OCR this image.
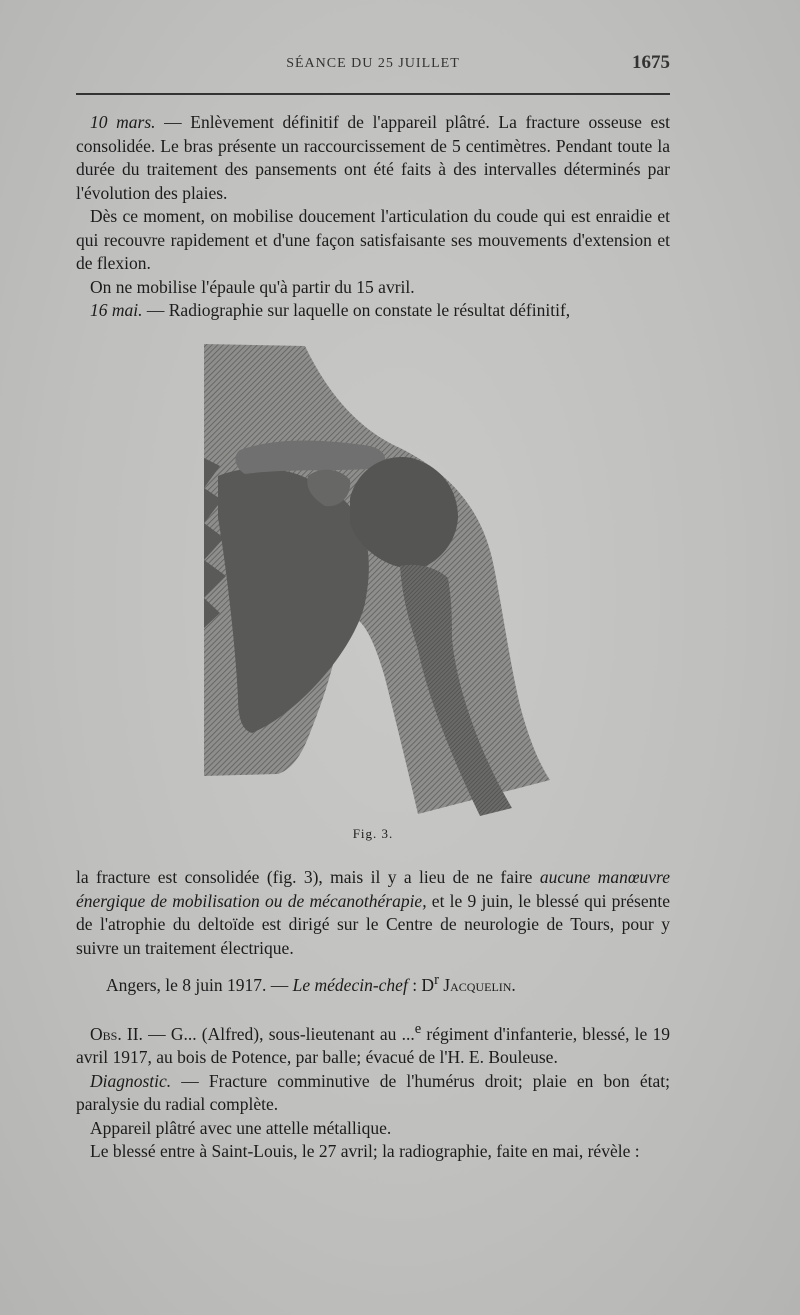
SÉANCE DU 25 JUILLET	1675

10 mars. — Enlèvement définitif de l'appareil plâtré. La fracture osseuse est consolidée. Le bras présente un raccourcissement de 5 centimètres. Pendant toute la durée du traitement des pansements ont été faits à des intervalles déterminés par l'évolution des plaies.

Dès ce moment, on mobilise doucement l'articulation du coude qui est enraidie et qui recouvre rapidement et d'une façon satisfaisante ses mouvements d'extension et de flexion.

On ne mobilise l'épaule qu'à partir du 15 avril.

16 mai. — Radiographie sur laquelle on constate le résultat définitif,

Fig. 3.

la fracture est consolidée (fig. 3), mais il y a lieu de ne faire aucune manœuvre énergique de mobilisation ou de mécanothérapie, et le 9 juin, le blessé qui présente de l'atrophie du deltoïde est dirigé sur le Centre de neurologie de Tours, pour y suivre un traitement électrique.

Angers, le 8 juin 1917. — Le médecin-chef : $D^r$ Jacquelin.

Obs. II. — G... (Alfred), sous-lieutenant au ...$^e$ régiment d'infanterie, blessé, le 19 avril 1917, au bois de Potence, par balle; évacué de l'H. E. Bouleuse.

Diagnostic. — Fracture comminutive de l'humérus droit; plaie en bon état; paralysie du radial complète.

Appareil plâtré avec une attelle métallique.

Le blessé entre à Saint-Louis, le 27 avril; la radiographie, faite en mai, révèle :
